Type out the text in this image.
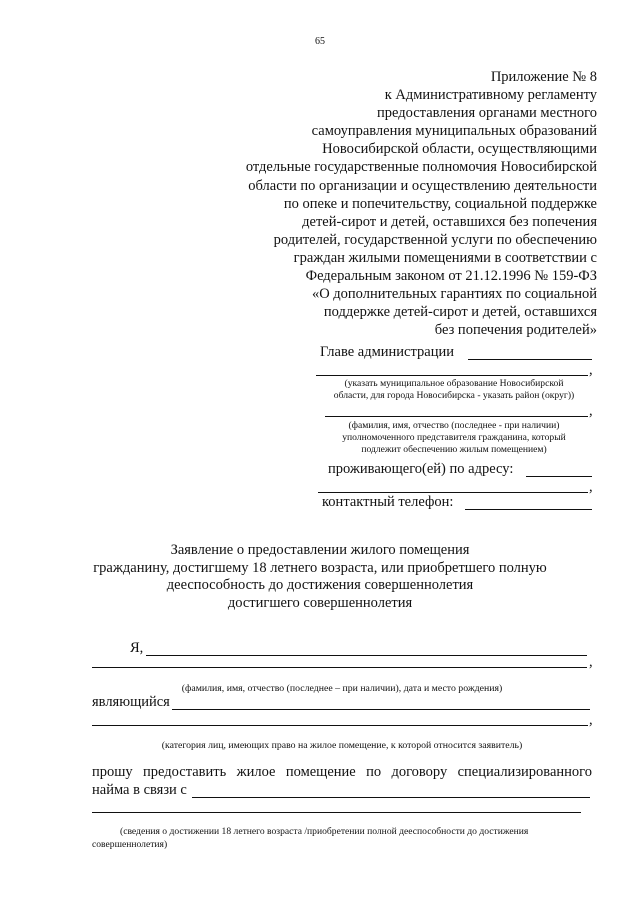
65
Приложение № 8
к Административному регламенту
предоставления органами местного
самоуправления муниципальных образований
Новосибирской области, осуществляющими
отдельные государственные полномочия Новосибирской
области по организации и осуществлению деятельности
по опеке и попечительству, социальной поддержке
детей-сирот и детей, оставшихся без попечения
родителей, государственной услуги по обеспечению
граждан жилыми помещениями в соответствии с
Федеральным законом от 21.12.1996 № 159-ФЗ
«О дополнительных гарантиях по социальной
поддержке детей-сирот и детей, оставшихся
без попечения родителей»
Главе администрации
,
(указать муниципальное образование Новосибирской
области, для города Новосибирска - указать район (округ))
,
(фамилия, имя, отчество (последнее - при наличии)
уполномоченного представителя гражданина, который
подлежит обеспечению жилым помещением)
проживающего(ей) по адресу:
,
контактный телефон:
Заявление о предоставлении жилого помещения
гражданину, достигшему 18 летнего возраста, или приобретшего полную
дееспособность до достижения совершеннолетия
достигшего совершеннолетия
Я,
,
(фамилия, имя, отчество (последнее – при наличии), дата и место рождения)
являющийся
,
(категория лиц, имеющих право на жилое помещение, к которой относится заявитель)
прошу предоставить жилое помещение по договору специализированного
найма в связи с
(сведения о достижении 18 летнего возраста /приобретении полной дееспособности до достижения
совершеннолетия)
